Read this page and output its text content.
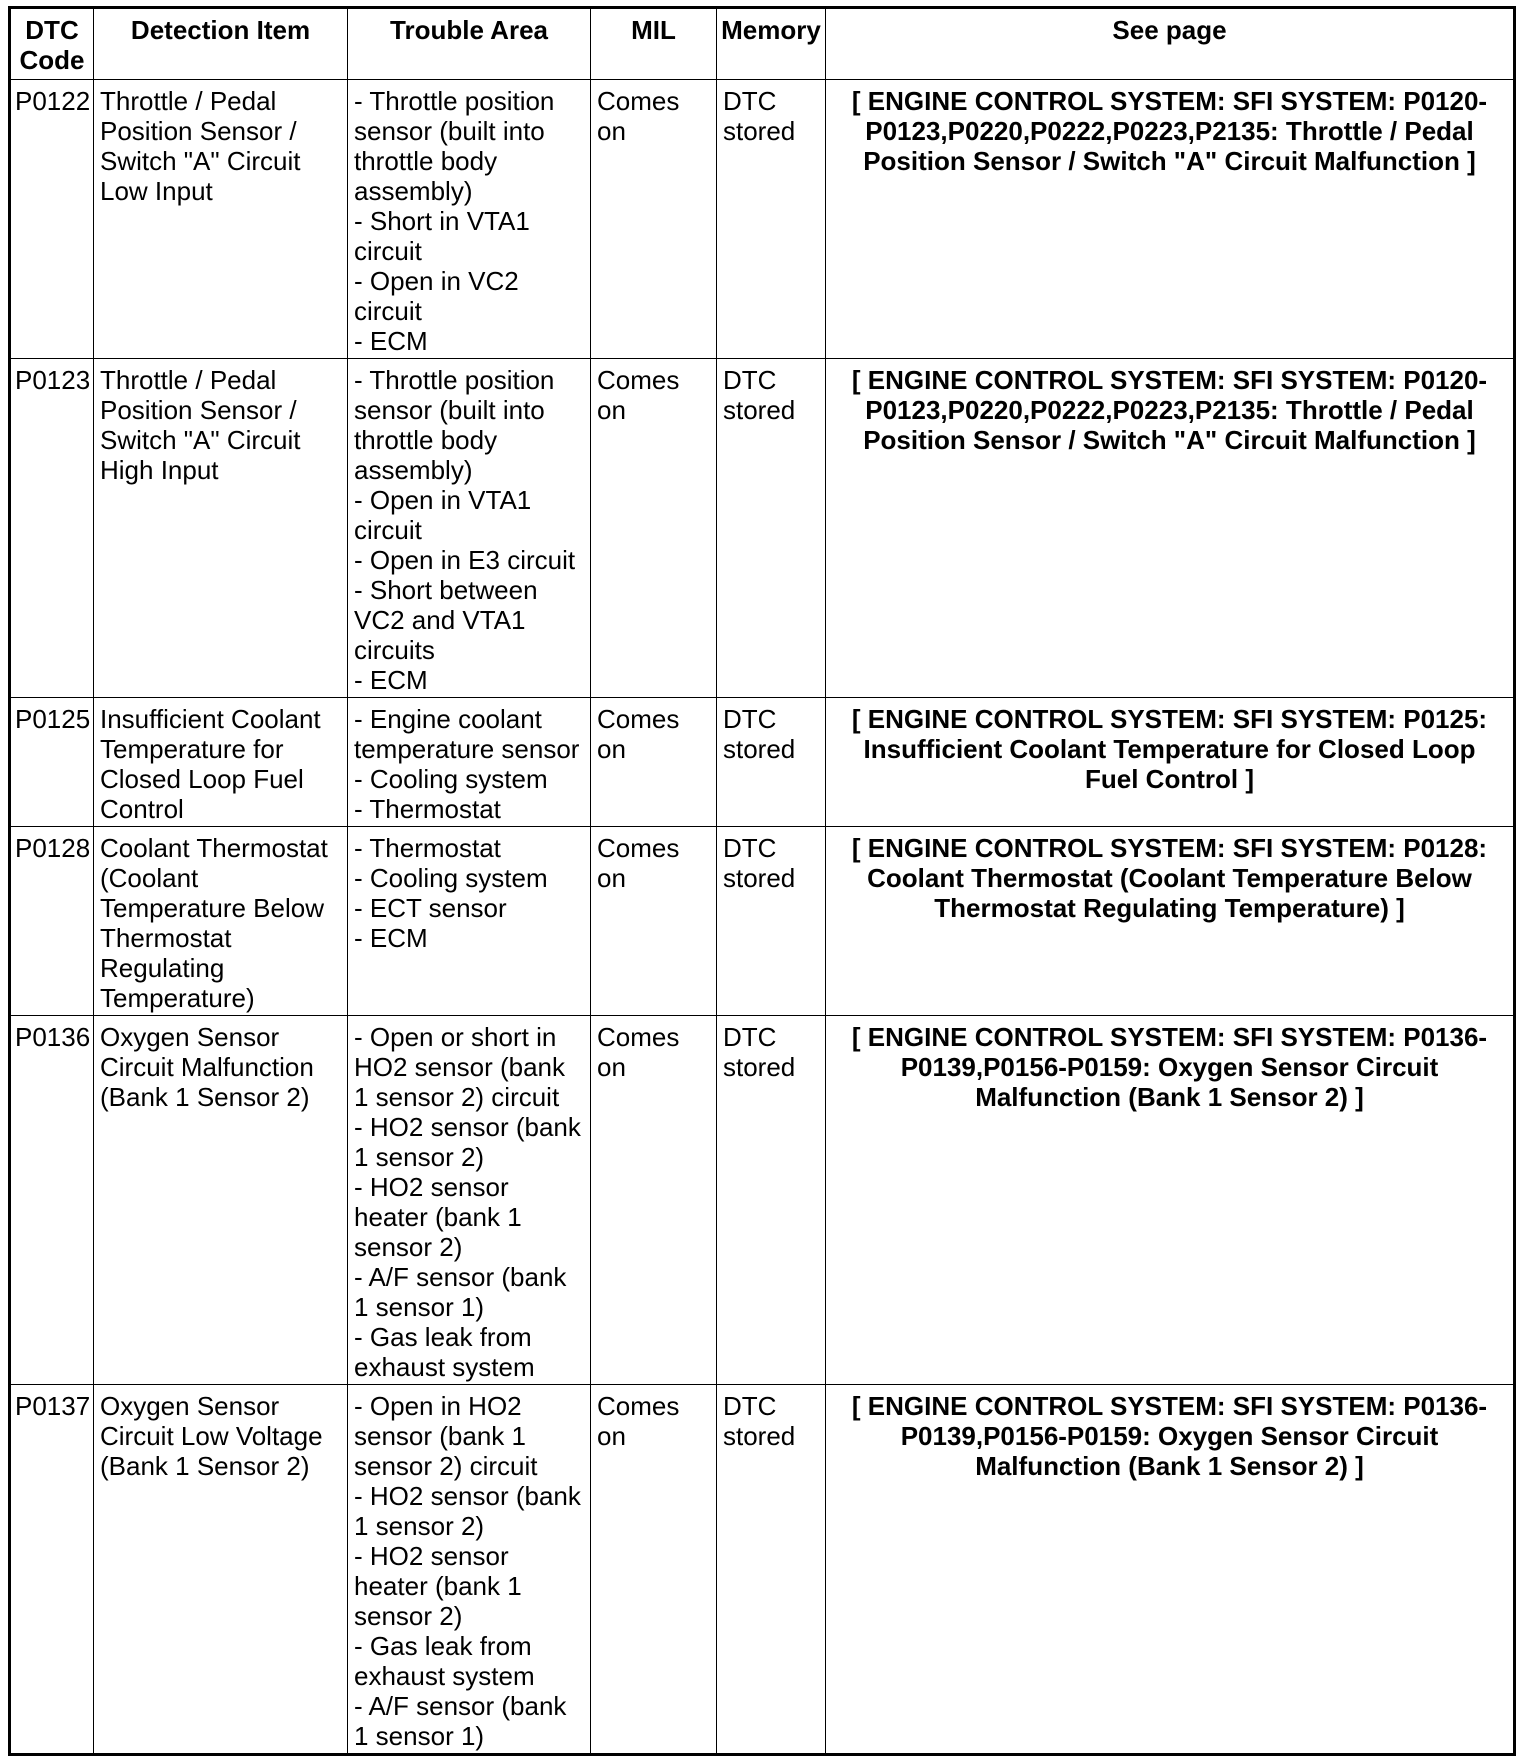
DTC
Code	Detection Item	Trouble Area	MIL	Memory	See page
P0122	Throttle / Pedal Position Sensor / Switch "A" Circuit Low Input	- Throttle position sensor (built into throttle body assembly)
- Short in VTA1 circuit
- Open in VC2 circuit
- ECM	Comes on	DTC stored	[ ENGINE CONTROL SYSTEM: SFI SYSTEM: P0120-P0123,P0220,P0222,P0223,P2135: Throttle / Pedal Position Sensor / Switch "A" Circuit Malfunction ]
P0123	Throttle / Pedal Position Sensor / Switch "A" Circuit High Input	- Throttle position sensor (built into throttle body assembly)
- Open in VTA1 circuit
- Open in E3 circuit
- Short between VC2 and VTA1 circuits
- ECM	Comes on	DTC stored	[ ENGINE CONTROL SYSTEM: SFI SYSTEM: P0120-P0123,P0220,P0222,P0223,P2135: Throttle / Pedal Position Sensor / Switch "A" Circuit Malfunction ]
P0125	Insufficient Coolant Temperature for Closed Loop Fuel Control	- Engine coolant temperature sensor
- Cooling system
- Thermostat	Comes on	DTC stored	[ ENGINE CONTROL SYSTEM: SFI SYSTEM: P0125: Insufficient Coolant Temperature for Closed Loop Fuel Control ]
P0128	Coolant Thermostat (Coolant Temperature Below Thermostat Regulating Temperature)	- Thermostat
- Cooling system
- ECT sensor
- ECM	Comes on	DTC stored	[ ENGINE CONTROL SYSTEM: SFI SYSTEM: P0128: Coolant Thermostat (Coolant Temperature Below Thermostat Regulating Temperature) ]
P0136	Oxygen Sensor Circuit Malfunction (Bank 1 Sensor 2)	- Open or short in HO2 sensor (bank 1 sensor 2) circuit
- HO2 sensor (bank 1 sensor 2)
- HO2 sensor heater (bank 1 sensor 2)
- A/F sensor (bank 1 sensor 1)
- Gas leak from exhaust system	Comes on	DTC stored	[ ENGINE CONTROL SYSTEM: SFI SYSTEM: P0136-P0139,P0156-P0159: Oxygen Sensor Circuit Malfunction (Bank 1 Sensor 2) ]
P0137	Oxygen Sensor Circuit Low Voltage (Bank 1 Sensor 2)	- Open in HO2 sensor (bank 1 sensor 2) circuit
- HO2 sensor (bank 1 sensor 2)
- HO2 sensor heater (bank 1 sensor 2)
- Gas leak from exhaust system
- A/F sensor (bank 1 sensor 1)	Comes on	DTC stored	[ ENGINE CONTROL SYSTEM: SFI SYSTEM: P0136-P0139,P0156-P0159: Oxygen Sensor Circuit Malfunction (Bank 1 Sensor 2) ]
